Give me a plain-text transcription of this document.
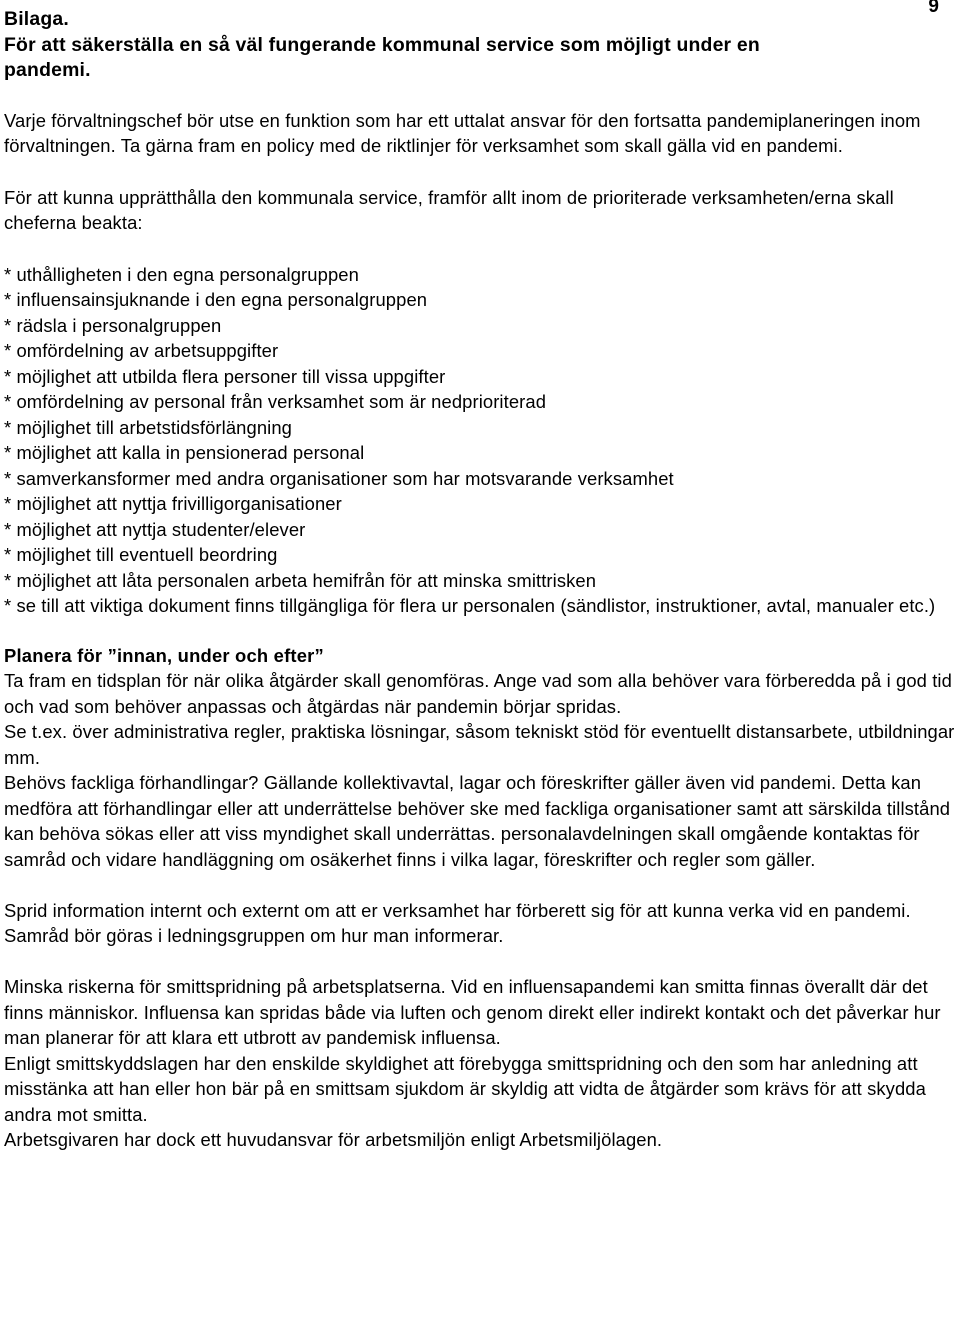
9
Bilaga.
För att säkerställa en så väl fungerande kommunal service som möjligt under en
pandemi.

Varje förvaltningschef bör utse en funktion som har ett uttalat ansvar för den fortsatta pandemiplaneringen inom förvaltningen. Ta gärna fram en policy med de riktlinjer för verksamhet som skall gälla vid en pandemi.

För att kunna upprätthålla den kommunala service, framför allt inom de prioriterade verksamheten/erna skall cheferna beakta:

* uthålligheten i den egna personalgruppen
* influensainsjuknande i den egna personalgruppen
* rädsla i personalgruppen
* omfördelning av arbetsuppgifter
* möjlighet att utbilda flera personer till vissa uppgifter
* omfördelning av personal från verksamhet som är nedprioriterad
* möjlighet till arbetstidsförlängning
* möjlighet att kalla in pensionerad personal
* samverkansformer med andra organisationer som har motsvarande verksamhet
* möjlighet att nyttja frivilligorganisationer
* möjlighet att nyttja studenter/elever
* möjlighet till eventuell beordring
* möjlighet att låta personalen arbeta hemifrån för att minska smittrisken
* se till att viktiga dokument finns tillgängliga för flera ur personalen (sändlistor, instruktioner, avtal, manualer etc.)
Planera för ”innan, under och efter”
Ta fram en tidsplan för när olika åtgärder skall genomföras. Ange vad som alla behöver vara förberedda på i god tid och vad som behöver anpassas och åtgärdas när pandemin börjar spridas.
Se t.ex. över administrativa regler, praktiska lösningar, såsom tekniskt stöd för eventuellt distansarbete, utbildningar mm.
Behövs fackliga förhandlingar? Gällande kollektivavtal, lagar och föreskrifter gäller även vid pandemi. Detta kan medföra att förhandlingar eller att underrättelse behöver ske med fackliga organisationer samt att särskilda tillstånd kan behöva sökas eller att viss myndighet skall underrättas. personalavdelningen skall omgående kontaktas för samråd och vidare handläggning om osäkerhet finns i vilka lagar, föreskrifter och regler som gäller.
Sprid information internt och externt om att er verksamhet har förberett sig för att kunna verka vid en pandemi. Samråd bör göras i ledningsgruppen om hur man informerar.
Minska riskerna för smittspridning på arbetsplatserna. Vid en influensapandemi kan smitta finnas överallt där det finns människor. Influensa kan spridas både via luften och genom direkt eller indirekt kontakt och det påverkar hur man planerar för att klara ett utbrott av pandemisk influensa.
Enligt smittskyddslagen har den enskilde skyldighet att förebygga smittspridning och den som har anledning att misstänka att han eller hon bär på en smittsam sjukdom är skyldig att vidta de åtgärder som krävs för att skydda andra mot smitta.
Arbetsgivaren har dock ett huvudansvar för arbetsmiljön enligt Arbetsmiljölagen.
